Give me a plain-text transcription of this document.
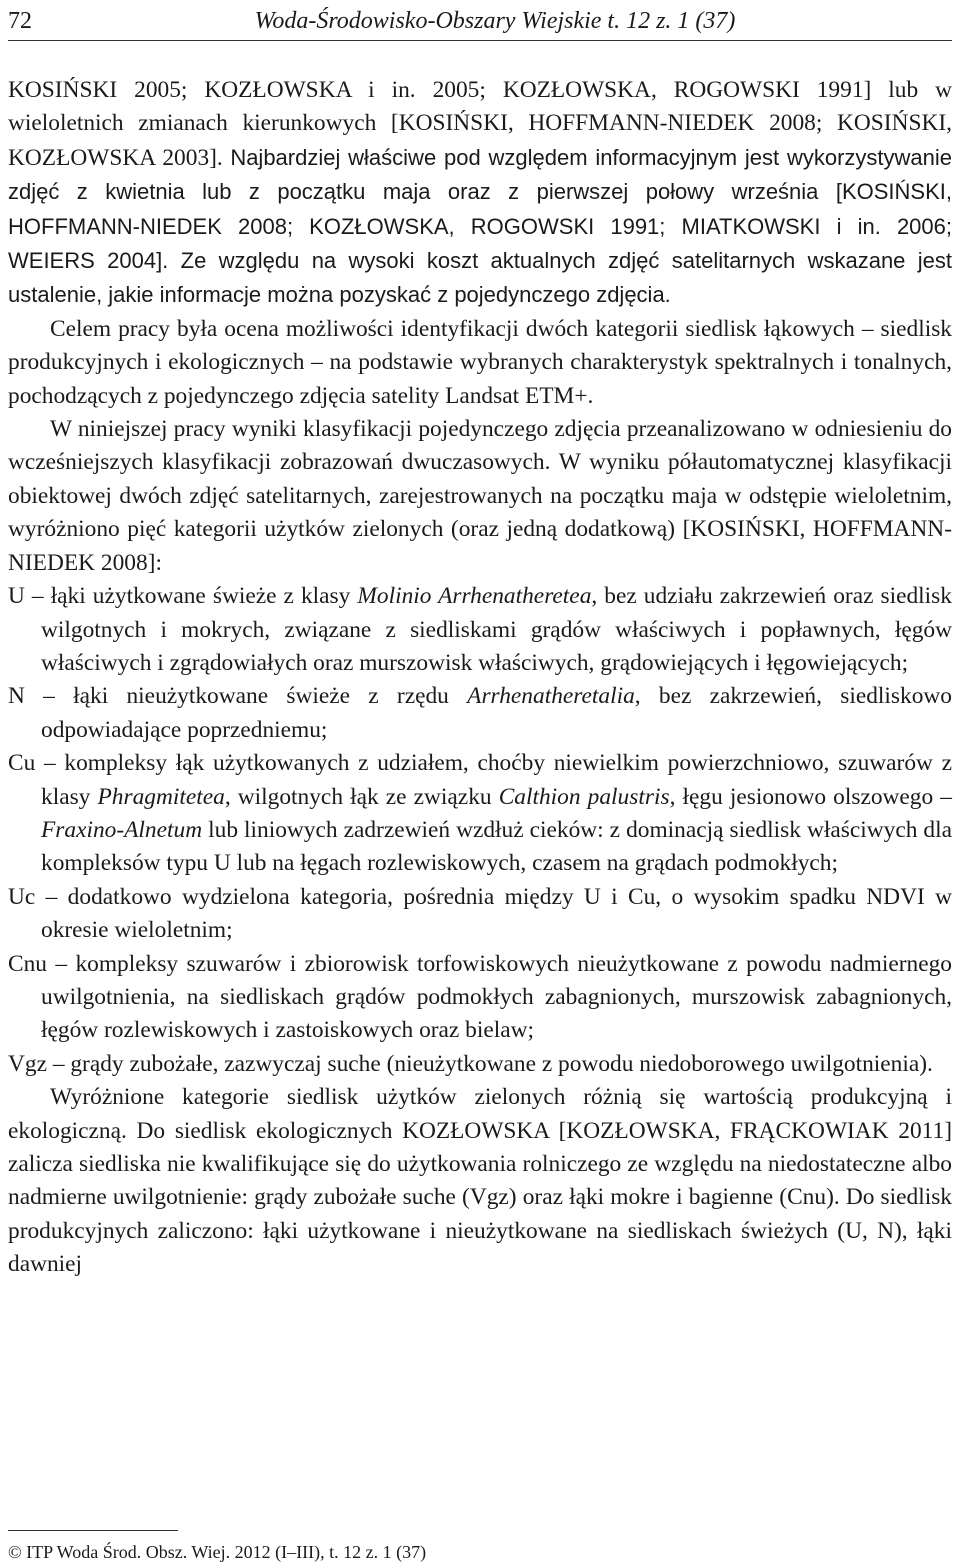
72	Woda-Środowisko-Obszary Wiejskie t. 12 z. 1 (37)

KOSIŃSKI 2005; KOZŁOWSKA i in. 2005; KOZŁOWSKA, ROGOWSKI 1991] lub w wieloletnich zmianach kierunkowych [KOSIŃSKI, HOFFMANN-NIEDEK 2008; KOSIŃSKI, KOZŁOWSKA 2003]. Najbardziej właściwe pod względem informacyjnym jest wykorzystywanie zdjęć z kwietnia lub z początku maja oraz z pierwszej połowy września [KOSIŃSKI, HOFFMANN-NIEDEK 2008; KOZŁOWSKA, ROGOWSKI 1991; MIATKOWSKI i in. 2006; WEIERS 2004]. Ze względu na wysoki koszt aktualnych zdjęć satelitarnych wskazane jest ustalenie, jakie informacje można pozyskać z pojedynczego zdjęcia.

Celem pracy była ocena możliwości identyfikacji dwóch kategorii siedlisk łąkowych – siedlisk produkcyjnych i ekologicznych – na podstawie wybranych charakterystyk spektralnych i tonalnych, pochodzących z pojedynczego zdjęcia satelity Landsat ETM+.

W niniejszej pracy wyniki klasyfikacji pojedynczego zdjęcia przeanalizowano w odniesieniu do wcześniejszych klasyfikacji zobrazowań dwuczasowych. W wyniku półautomatycznej klasyfikacji obiektowej dwóch zdjęć satelitarnych, zarejestrowanych na początku maja w odstępie wieloletnim, wyróżniono pięć kategorii użytków zielonych (oraz jedną dodatkową) [KOSIŃSKI, HOFFMANN-NIEDEK 2008]:

U – łąki użytkowane świeże z klasy Molinio Arrhenatheretea, bez udziału zakrzewień oraz siedlisk wilgotnych i mokrych, związane z siedliskami grądów właściwych i popławnych, łęgów właściwych i zgrądowiałych oraz murszowisk właściwych, grądowiejących i łęgowiejących;

N – łąki nieużytkowane świeże z rzędu Arrhenatheretalia, bez zakrzewień, siedliskowo odpowiadające poprzedniemu;

Cu – kompleksy łąk użytkowanych z udziałem, choćby niewielkim powierzchniowo, szuwarów z klasy Phragmitetea, wilgotnych łąk ze związku Calthion palustris, łęgu jesionowo olszowego – Fraxino-Alnetum lub liniowych zadrzewień wzdłuż cieków: z dominacją siedlisk właściwych dla kompleksów typu U lub na łęgach rozlewiskowych, czasem na grądach podmokłych;

Uc – dodatkowo wydzielona kategoria, pośrednia między U i Cu, o wysokim spadku NDVI w okresie wieloletnim;

Cnu – kompleksy szuwarów i zbiorowisk torfowiskowych nieużytkowane z powodu nadmiernego uwilgotnienia, na siedliskach grądów podmokłych zabagnionych, murszowisk zabagnionych, łęgów rozlewiskowych i zastoiskowych oraz bielaw;

Vgz – grądy zubożałe, zazwyczaj suche (nieużytkowane z powodu niedoborowego uwilgotnienia).

Wyróżnione kategorie siedlisk użytków zielonych różnią się wartością produkcyjną i ekologiczną. Do siedlisk ekologicznych KOZŁOWSKA [KOZŁOWSKA, FRĄCKOWIAK 2011] zalicza siedliska nie kwalifikujące się do użytkowania rolniczego ze względu na niedostateczne albo nadmierne uwilgotnienie: grądy zubożałe suche (Vgz) oraz łąki mokre i bagienne (Cnu). Do siedlisk produkcyjnych zaliczono: łąki użytkowane i nieużytkowane na siedliskach świeżych (U, N), łąki dawniej

© ITP Woda Środ. Obsz. Wiej. 2012 (I–III), t. 12 z. 1 (37)
